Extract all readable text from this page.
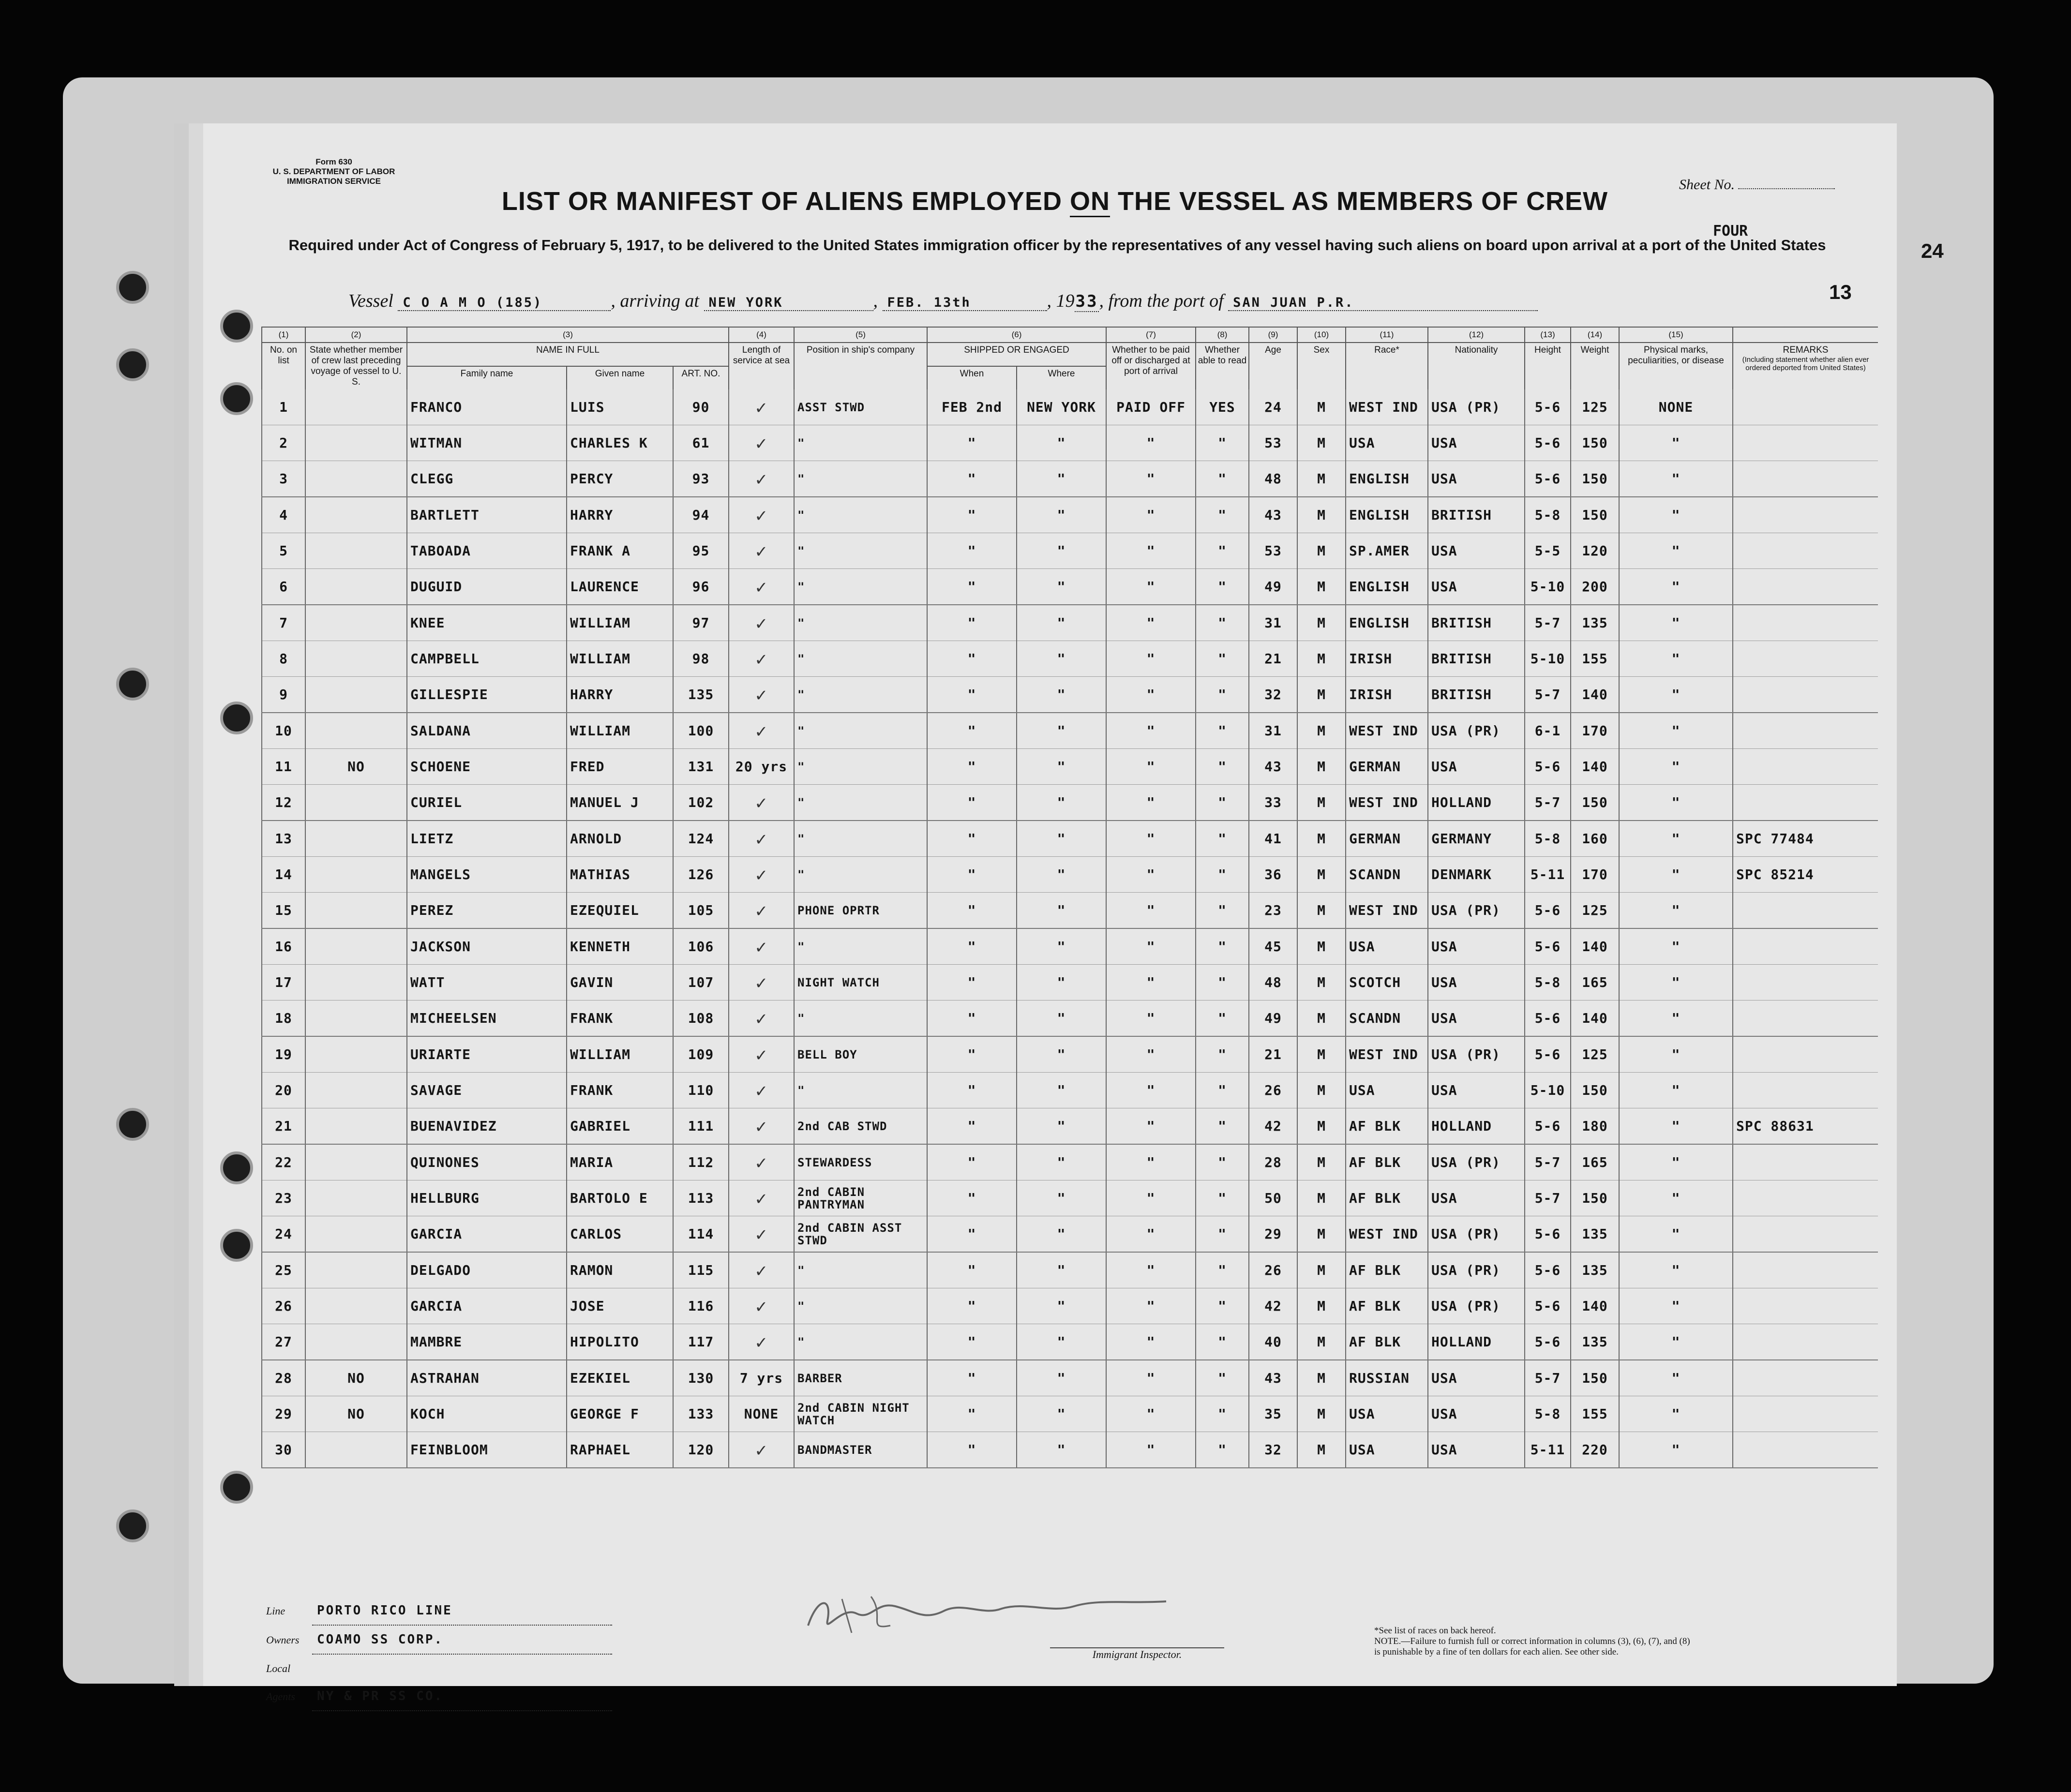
Form 630
U. S. DEPARTMENT OF LABOR
IMMIGRATION SERVICE
24
13
Sheet No.
FOUR
LIST OR MANIFEST OF ALIENS EMPLOYED ON THE VESSEL AS MEMBERS OF CREW
Required under Act of Congress of February 5, 1917, to be delivered to the United States immigration officer by the representatives of any vessel having such aliens on board upon arrival at a port of the United States
Vessel C O A M O (185)	, arriving at NEW YORK	, FEB. 13th	, 1933, from the port of SAN JUAN P.R.
(1)	(2)	(3)			(4)	(5)	(6)		(7)	(8)	(9)	(10)	(11)	(12)	(13)	(14)	(15)	
No. on list	State whether member of crew last preceding voyage of vessel to U. S.	NAME IN FULL			Length of service at sea	Position in ship's company	SHIPPED OR ENGAGED		Whether to be paid off or discharged at port of arrival	Whether able to read	Age	Sex	Race*	Nationality	Height	Weight	Physical marks, peculiarities, or disease	REMARKS
(Including statement whether alien ever ordered deported from United States)

		Family name	Given name	ART. NO.			When	Where										
1		FRANCO	LUIS	90	✓	ASST STWD	FEB 2nd	NEW YORK	PAID OFF	YES	24	M	WEST IND	USA (PR)	5-6	125	NONE	
2		WITMAN	CHARLES K	61	✓	"	"	"	"	"	53	M	USA	USA	5-6	150	"	
3		CLEGG	PERCY	93	✓	"	"	"	"	"	48	M	ENGLISH	USA	5-6	150	"	
4		BARTLETT	HARRY	94	✓	"	"	"	"	"	43	M	ENGLISH	BRITISH	5-8	150	"	
5		TABOADA	FRANK A	95	✓	"	"	"	"	"	53	M	SP.AMER	USA	5-5	120	"	
6		DUGUID	LAURENCE	96	✓	"	"	"	"	"	49	M	ENGLISH	USA	5-10	200	"	
7		KNEE	WILLIAM	97	✓	"	"	"	"	"	31	M	ENGLISH	BRITISH	5-7	135	"	
8		CAMPBELL	WILLIAM	98	✓	"	"	"	"	"	21	M	IRISH	BRITISH	5-10	155	"	
9		GILLESPIE	HARRY	135	✓	"	"	"	"	"	32	M	IRISH	BRITISH	5-7	140	"	
10		SALDANA	WILLIAM	100	✓	"	"	"	"	"	31	M	WEST IND	USA (PR)	6-1	170	"	
11	NO	SCHOENE	FRED	131	20 yrs	"	"	"	"	"	43	M	GERMAN	USA	5-6	140	"	
12		CURIEL	MANUEL J	102	✓	"	"	"	"	"	33	M	WEST IND	HOLLAND	5-7	150	"	
13		LIETZ	ARNOLD	124	✓	"	"	"	"	"	41	M	GERMAN	GERMANY	5-8	160	"	SPC 77484
14		MANGELS	MATHIAS	126	✓	"	"	"	"	"	36	M	SCANDN	DENMARK	5-11	170	"	SPC 85214
15		PEREZ	EZEQUIEL	105	✓	PHONE OPRTR	"	"	"	"	23	M	WEST IND	USA (PR)	5-6	125	"	
16		JACKSON	KENNETH	106	✓	"	"	"	"	"	45	M	USA	USA	5-6	140	"	
17		WATT	GAVIN	107	✓	NIGHT WATCH	"	"	"	"	48	M	SCOTCH	USA	5-8	165	"	
18		MICHEELSEN	FRANK	108	✓	"	"	"	"	"	49	M	SCANDN	USA	5-6	140	"	
19		URIARTE	WILLIAM	109	✓	BELL BOY	"	"	"	"	21	M	WEST IND	USA (PR)	5-6	125	"	
20		SAVAGE	FRANK	110	✓	"	"	"	"	"	26	M	USA	USA	5-10	150	"	
21		BUENAVIDEZ	GABRIEL	111	✓	2nd CAB STWD	"	"	"	"	42	M	AF BLK	HOLLAND	5-6	180	"	SPC 88631
22		QUINONES	MARIA	112	✓	STEWARDESS	"	"	"	"	28	M	AF BLK	USA (PR)	5-7	165	"	
23		HELLBURG	BARTOLO E	113	✓	2nd CABIN PANTRYMAN	"	"	"	"	50	M	AF BLK	USA	5-7	150	"	
24		GARCIA	CARLOS	114	✓	2nd CABIN ASST STWD	"	"	"	"	29	M	WEST IND	USA (PR)	5-6	135	"	
25		DELGADO	RAMON	115	✓	"	"	"	"	"	26	M	AF BLK	USA (PR)	5-6	135	"	
26		GARCIA	JOSE	116	✓	"	"	"	"	"	42	M	AF BLK	USA (PR)	5-6	140	"	
27		MAMBRE	HIPOLITO	117	✓	"	"	"	"	"	40	M	AF BLK	HOLLAND	5-6	135	"	
28	NO	ASTRAHAN	EZEKIEL	130	7 yrs	BARBER	"	"	"	"	43	M	RUSSIAN	USA	5-7	150	"	
29	NO	KOCH	GEORGE F	133	NONE	2nd CABIN NIGHT WATCH	"	"	"	"	35	M	USA	USA	5-8	155	"	
30		FEINBLOOM	RAPHAEL	120	✓	BANDMASTER	"	"	"	"	32	M	USA	USA	5-11	220	"	
Line	PORTO RICO LINE
Owners COAMO SS CORP.
Local Agents NY & PR SS CO.
Immigrant Inspector.
*See list of races on back hereof.
NOTE.—Failure to furnish full or correct information in columns (3), (6), (7), and (8) is punishable by a fine of ten dollars for each alien. See other side.
